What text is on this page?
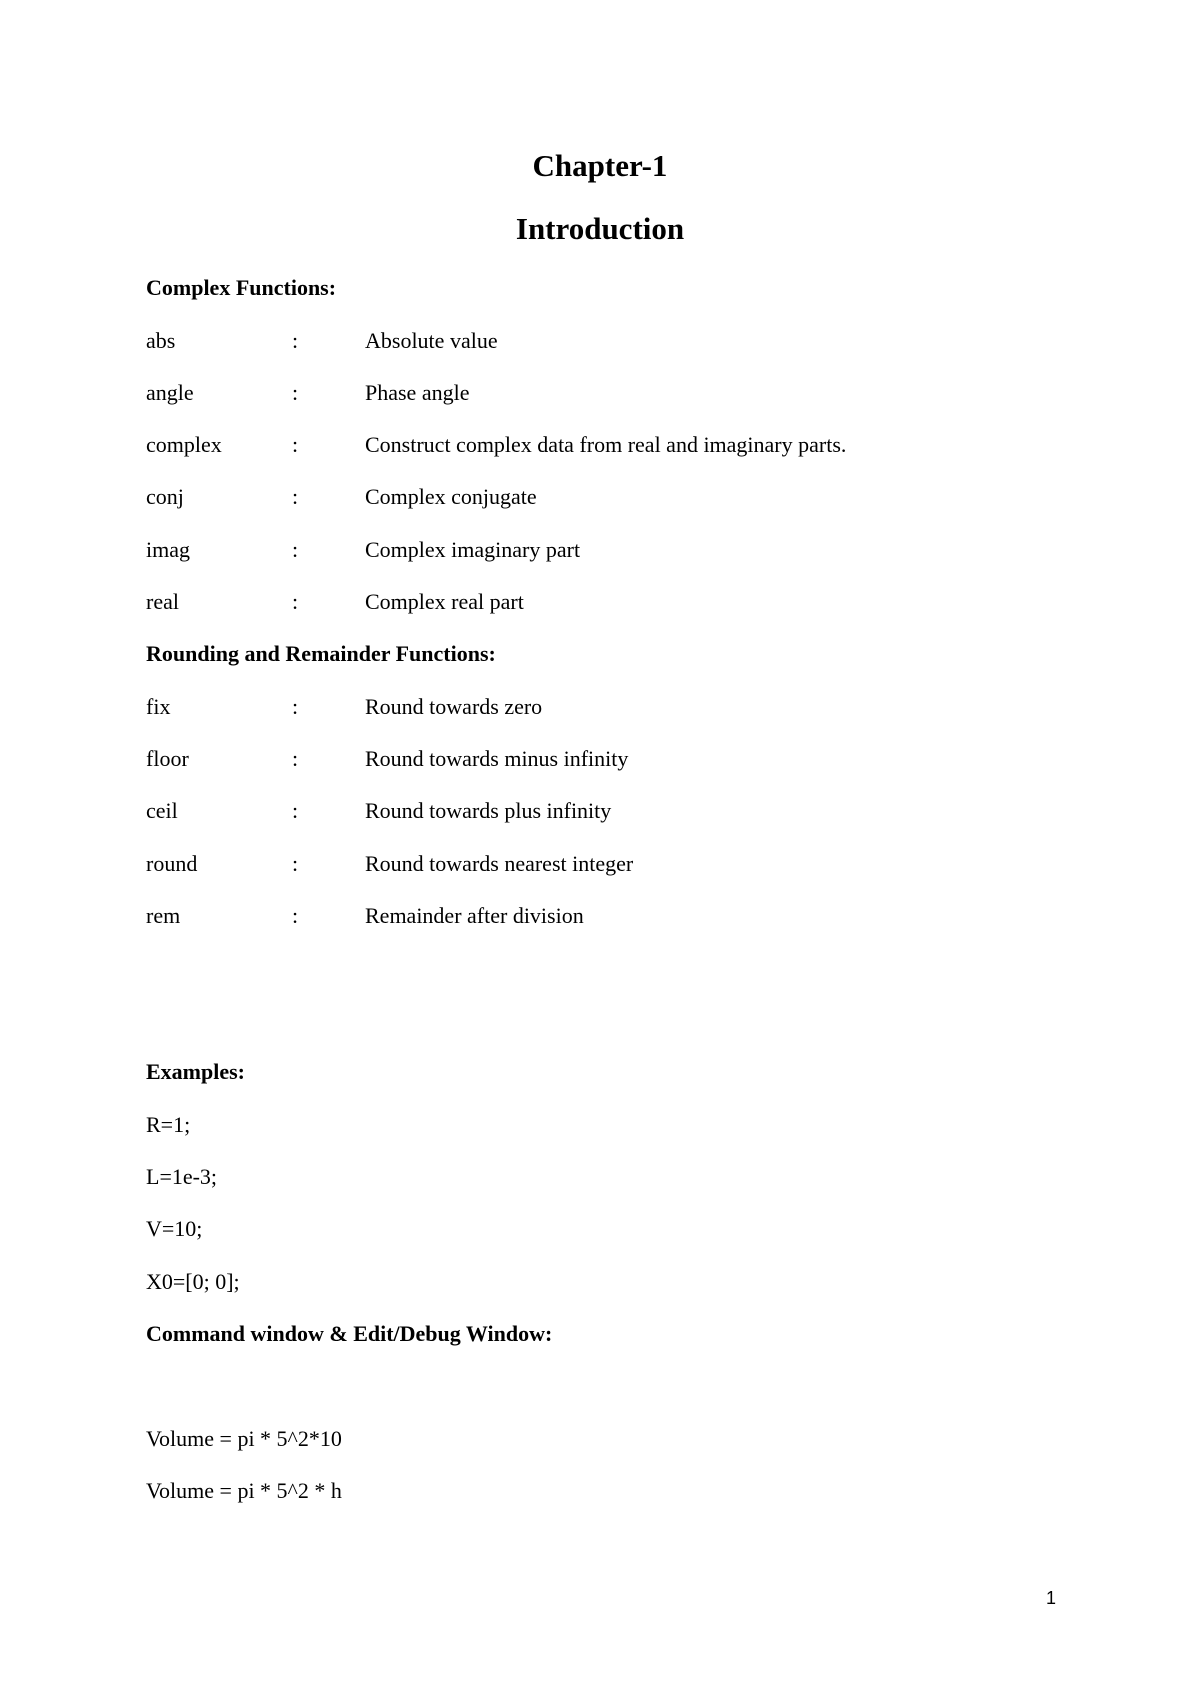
Chapter-1
Introduction
Complex Functions:
abs	:	Absolute value
angle	:	Phase angle
complex	:	Construct complex data from real and imaginary parts.
conj	:	Complex conjugate
imag	:	Complex imaginary part
real	:	Complex real part
Rounding and Remainder Functions:
fix	:	Round towards zero
floor	:	Round towards minus infinity
ceil	:	Round towards plus infinity
round	:	Round towards nearest integer
rem	:	Remainder after division
Examples:
R=1;
L=1e-3;
V=10;
X0=[0; 0];
Command window & Edit/Debug Window:
Volume = pi * 5^2*10
Volume = pi * 5^2 * h
1
